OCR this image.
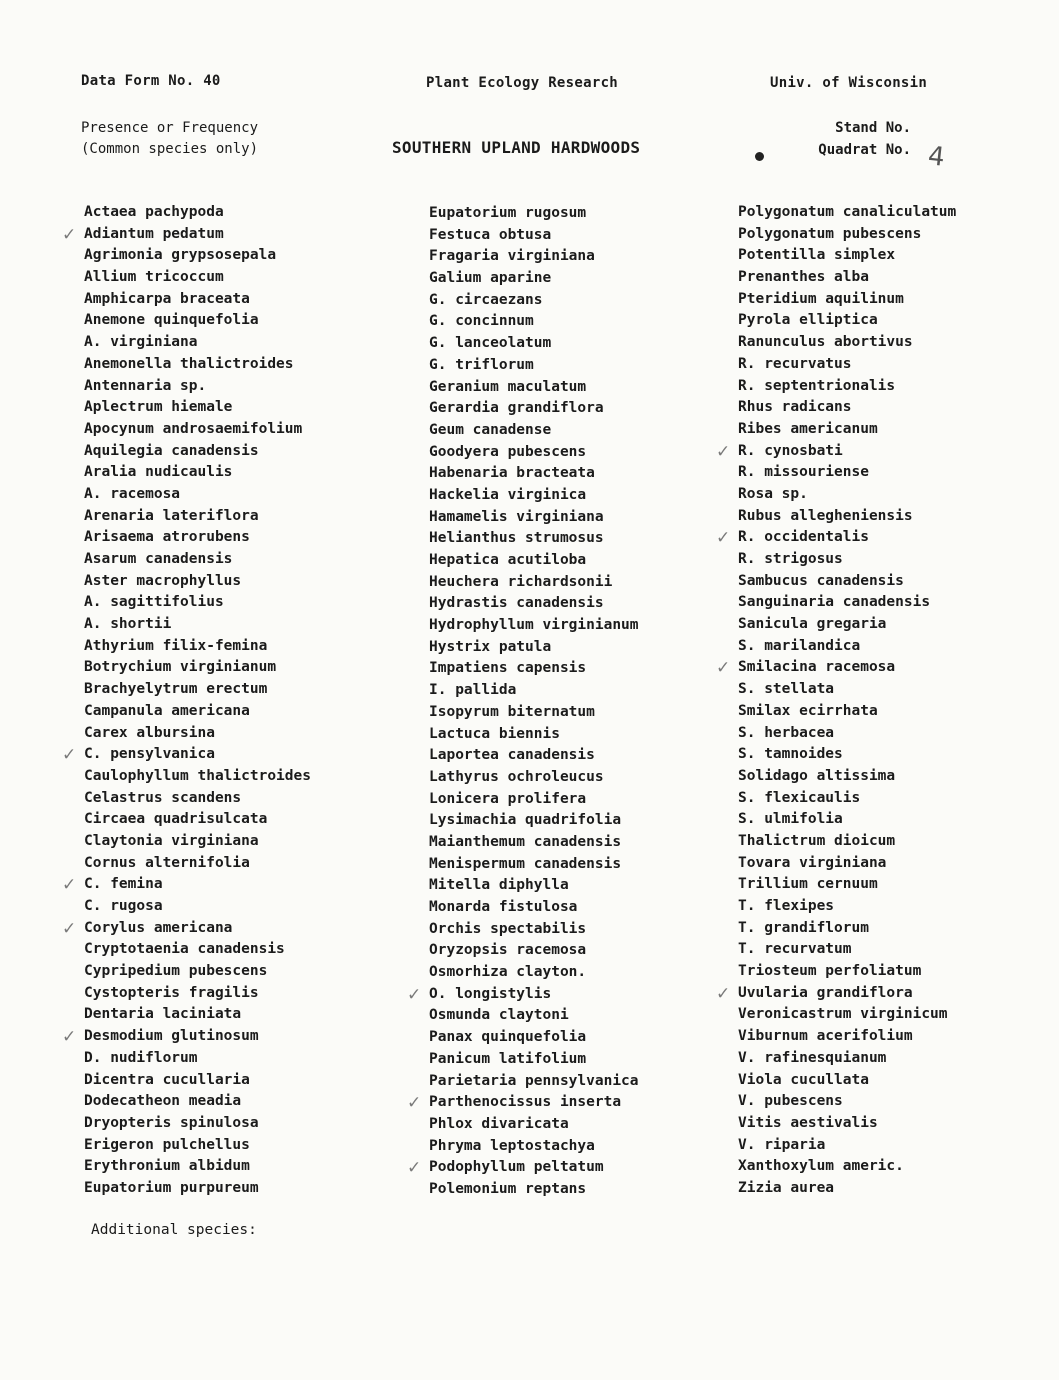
Data Form No. 40	Plant Ecology Research	Univ. of Wisconsin
Presence or Frequency
(Common species only)	SOUTHERN UPLAND HARDWOODS
Stand No.
Quadrat No. 4
Actaea pachypoda
✓ Adiantum pedatum
Agrimonia grypsosepala
Allium tricoccum
Amphicarpa braceata
Anemone quinquefolia
A. virginiana
Anemonella thalictroides
Antennaria sp.
Aplectrum hiemale
Apocynum androsaemifolium
Aquilegia canadensis
Aralia nudicaulis
A. racemosa
Arenaria lateriflora
Arisaema atrorubens
Asarum canadensis
Aster macrophyllus
A. sagittifolius
A. shortii
Athyrium filix-femina
Botrychium virginianum
Brachyelytrum erectum
Campanula americana
Carex albursina
✓ C. pensylvanica
Caulophyllum thalictroides
Celastrus scandens
Circaea quadrisulcata
Claytonia virginiana
Cornus alternifolia
✓ C. femina
C. rugosa
✓ Corylus americana
Cryptotaenia canadensis
Cypripedium pubescens
Cystopteris fragilis
Dentaria laciniata
✓ Desmodium glutinosum
D. nudiflorum
Dicentra cucullaria
Dodecatheon meadia
Dryopteris spinulosa
Erigeron pulchellus
Erythronium albidum
Eupatorium purpureum
Eupatorium rugosum
Festuca obtusa
Fragaria virginiana
Galium aparine
G. circaezans
G. concinnum
G. lanceolatum
G. triflorum
Geranium maculatum
Gerardia grandiflora
Geum canadense
Goodyera pubescens
Habenaria bracteata
Hackelia virginica
Hamamelis virginiana
Helianthus strumosus
Hepatica acutiloba
Heuchera richardsonii
Hydrastis canadensis
Hydrophyllum virginianum
Hystrix patula
Impatiens capensis
I. pallida
Isopyrum biternatum
Lactuca biennis
Laportea canadensis
Lathyrus ochroleucus
Lonicera prolifera
Lysimachia quadrifolia
Maianthemum canadensis
Menispermum canadensis
Mitella diphylla
Monarda fistulosa
Orchis spectabilis
Oryzopsis racemosa
Osmorhiza clayton.
✓ O. longistylis
Osmunda claytoni
Panax quinquefolia
Panicum latifolium
Parietaria pennsylvanica
✓ Parthenocissus inserta
Phlox divaricata
Phryma leptostachya
✓ Podophyllum peltatum
Polemonium reptans
Polygonatum canaliculatum
Polygonatum pubescens
Potentilla simplex
Prenanthes alba
Pteridium aquilinum
Pyrola elliptica
Ranunculus abortivus
R. recurvatus
R. septentrionalis
Rhus radicans
Ribes americanum
✓ R. cynosbati
R. missouriense
Rosa sp.
Rubus allegheniensis
✓ R. occidentalis
R. strigosus
Sambucus canadensis
Sanguinaria canadensis
Sanicula gregaria
S. marilandica
✓ Smilacina racemosa
S. stellata
Smilax ecirrhata
S. herbacea
S. tamnoides
Solidago altissima
S. flexicaulis
S. ulmifolia
Thalictrum dioicum
Tovara virginiana
Trillium cernuum
T. flexipes
T. grandiflorum
T. recurvatum
Triosteum perfoliatum
✓ Uvularia grandiflora
Veronicastrum virginicum
Viburnum acerifolium
V. rafinesquianum
Viola cucullata
V. pubescens
Vitis aestivalis
V. riparia
Xanthoxylum americ.
Zizia aurea
Additional species:
